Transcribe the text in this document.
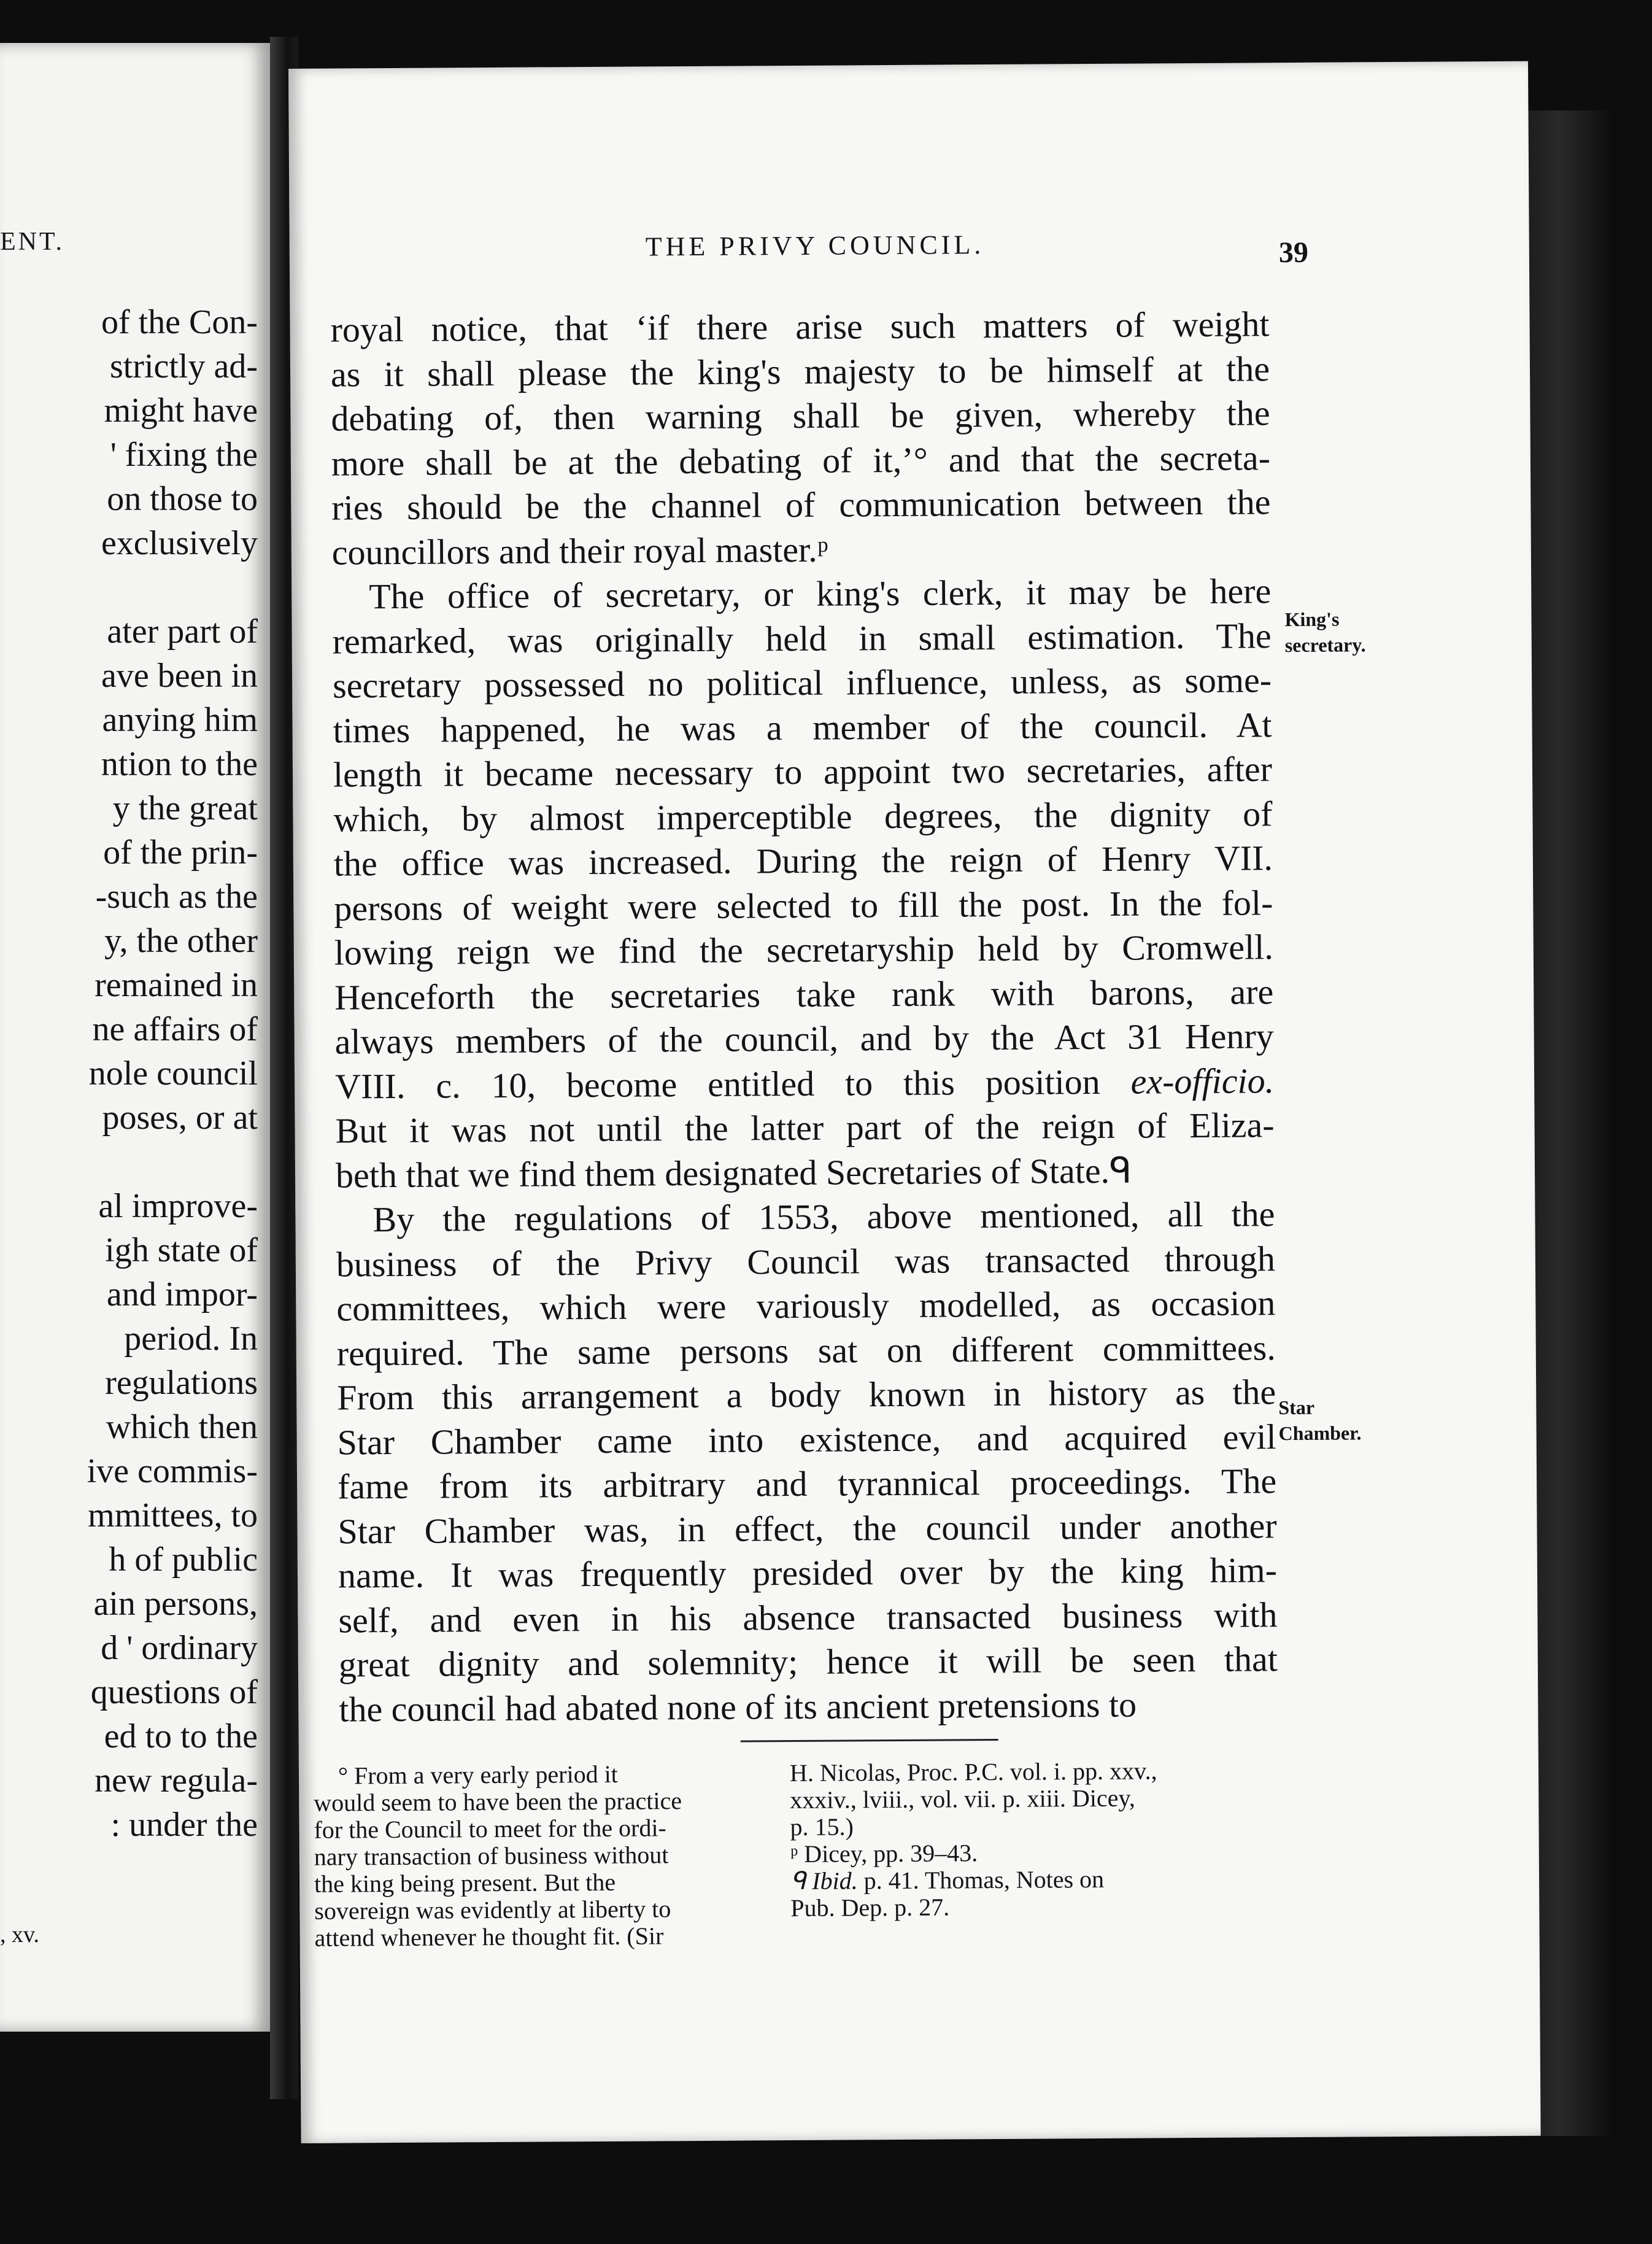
ENT.
of the Con-
strictly ad-
might have
' fixing the
on those to
exclusively
ater part of
ave been in
anying him
ntion to the
y the great
of the prin-
-such as the
y, the other
remained in
ne affairs of
nole council
poses, or at
al improve-
igh state of
and impor-
period. In
regulations
which then
ive commis-
mmittees, to
h of public
ain persons,
d ' ordinary
questions of
ed to to the
new regula-
: under the
, xv.
THE PRIVY COUNCIL.	39
royal notice, that ‘if there arise such matters of weight
as it shall please the king's majesty to be himself at the
debating of, then warning shall be given, whereby the
more shall be at the debating of it,’° and that the secreta-
ries should be the channel of communication between the
councillors and their royal master.ᵖ
The office of secretary, or king's clerk, it may be here
remarked, was originally held in small estimation. The
secretary possessed no political influence, unless, as some-
times happened, he was a member of the council. At
length it became necessary to appoint two secretaries, after
which, by almost imperceptible degrees, the dignity of
the office was increased. During the reign of Henry VII.
persons of weight were selected to fill the post. In the fol-
lowing reign we find the secretaryship held by Cromwell.
Henceforth the secretaries take rank with barons, are
always members of the council, and by the Act 31 Henry
VIII. c. 10, become entitled to this position ex-officio.
But it was not until the latter part of the reign of Eliza-
beth that we find them designated Secretaries of State.ᑫ
By the regulations of 1553, above mentioned, all the
business of the Privy Council was transacted through
committees, which were variously modelled, as occasion
required. The same persons sat on different committees.
From this arrangement a body known in history as the
Star Chamber came into existence, and acquired evil
fame from its arbitrary and tyrannical proceedings. The
Star Chamber was, in effect, the council under another
name. It was frequently presided over by the king him-
self, and even in his absence transacted business with
great dignity and solemnity; hence it will be seen that
the council had abated none of its ancient pretensions to
King's
secretary.
Star
Chamber.
° From a very early period it
would seem to have been the practice
for the Council to meet for the ordi-
nary transaction of business without
the king being present. But the
sovereign was evidently at liberty to
attend whenever he thought fit. (Sir
H. Nicolas, Proc. P.C. vol. i. pp. xxv.,
xxxiv., lviii., vol. vii. p. xiii. Dicey,
p. 15.)
ᵖ Dicey, pp. 39–43.
ᑫ Ibid. p. 41. Thomas, Notes on
Pub. Dep. p. 27.
